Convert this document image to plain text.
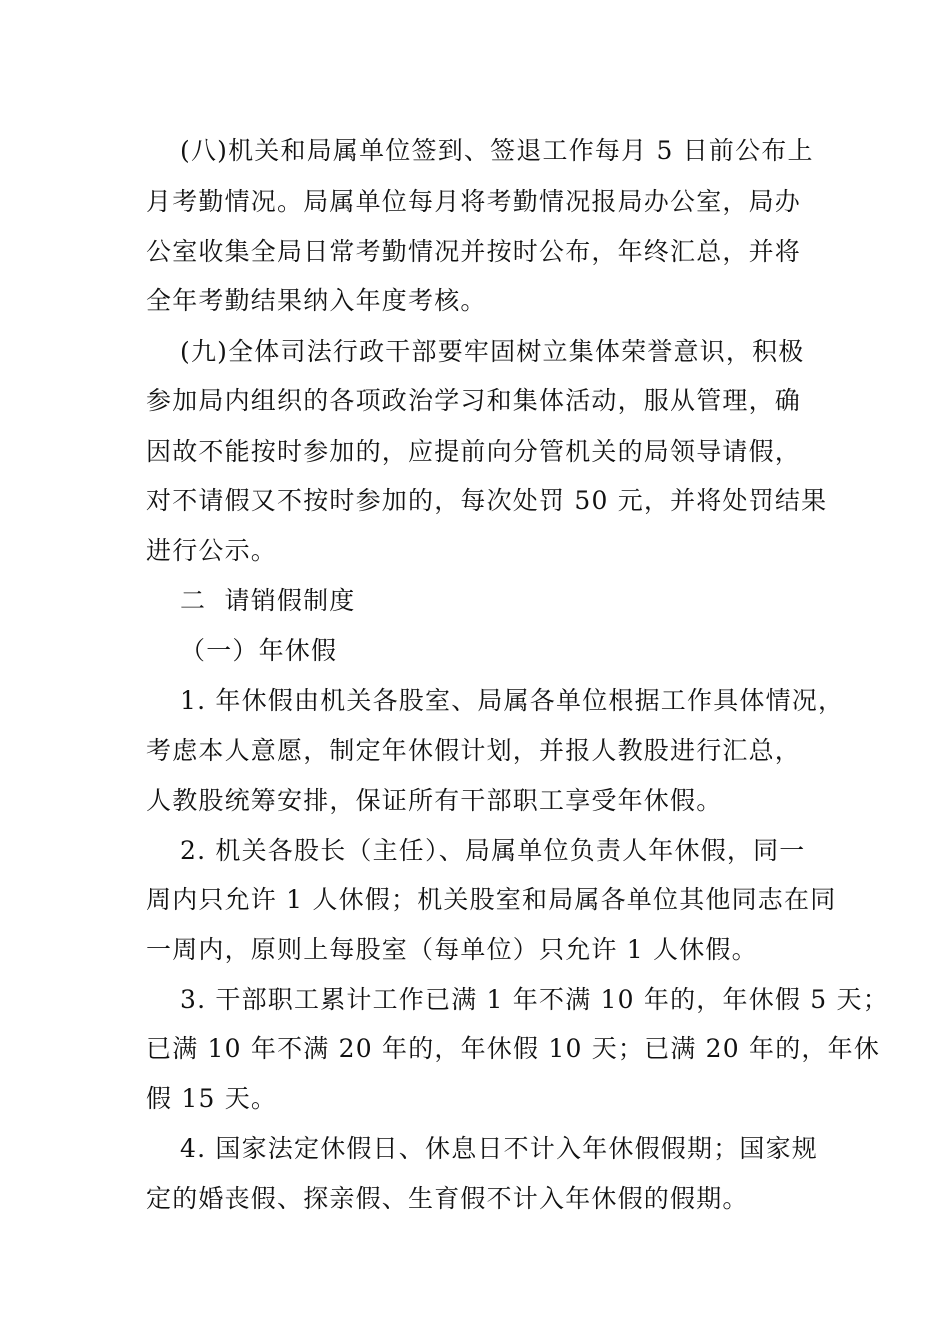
(八)机关和局属单位签到、签退工作每月 5 日前公布上
月考勤情况。局属单位每月将考勤情况报局办公室，局办
公室收集全局日常考勤情况并按时公布，年终汇总，并将
全年考勤结果纳入年度考核。
(九)全体司法行政干部要牢固树立集体荣誉意识，积极
参加局内组织的各项政治学习和集体活动，服从管理，确
因故不能按时参加的，应提前向分管机关的局领导请假，
对不请假又不按时参加的，每次处罚 50 元，并将处罚结果
进行公示。
二  请销假制度
（一）年休假
1. 年休假由机关各股室、局属各单位根据工作具体情况，
考虑本人意愿，制定年休假计划，并报人教股进行汇总，
人教股统筹安排，保证所有干部职工享受年休假。
2. 机关各股长（主任）、局属单位负责人年休假，同一
周内只允许 1 人休假；机关股室和局属各单位其他同志在同
一周内，原则上每股室（每单位）只允许 1 人休假。
3. 干部职工累计工作已满 1 年不满 10 年的，年休假 5 天；
已满 10 年不满 20 年的，年休假 10 天；已满 20 年的，年休
假 15 天。
4. 国家法定休假日、休息日不计入年休假假期；国家规
定的婚丧假、探亲假、生育假不计入年休假的假期。
